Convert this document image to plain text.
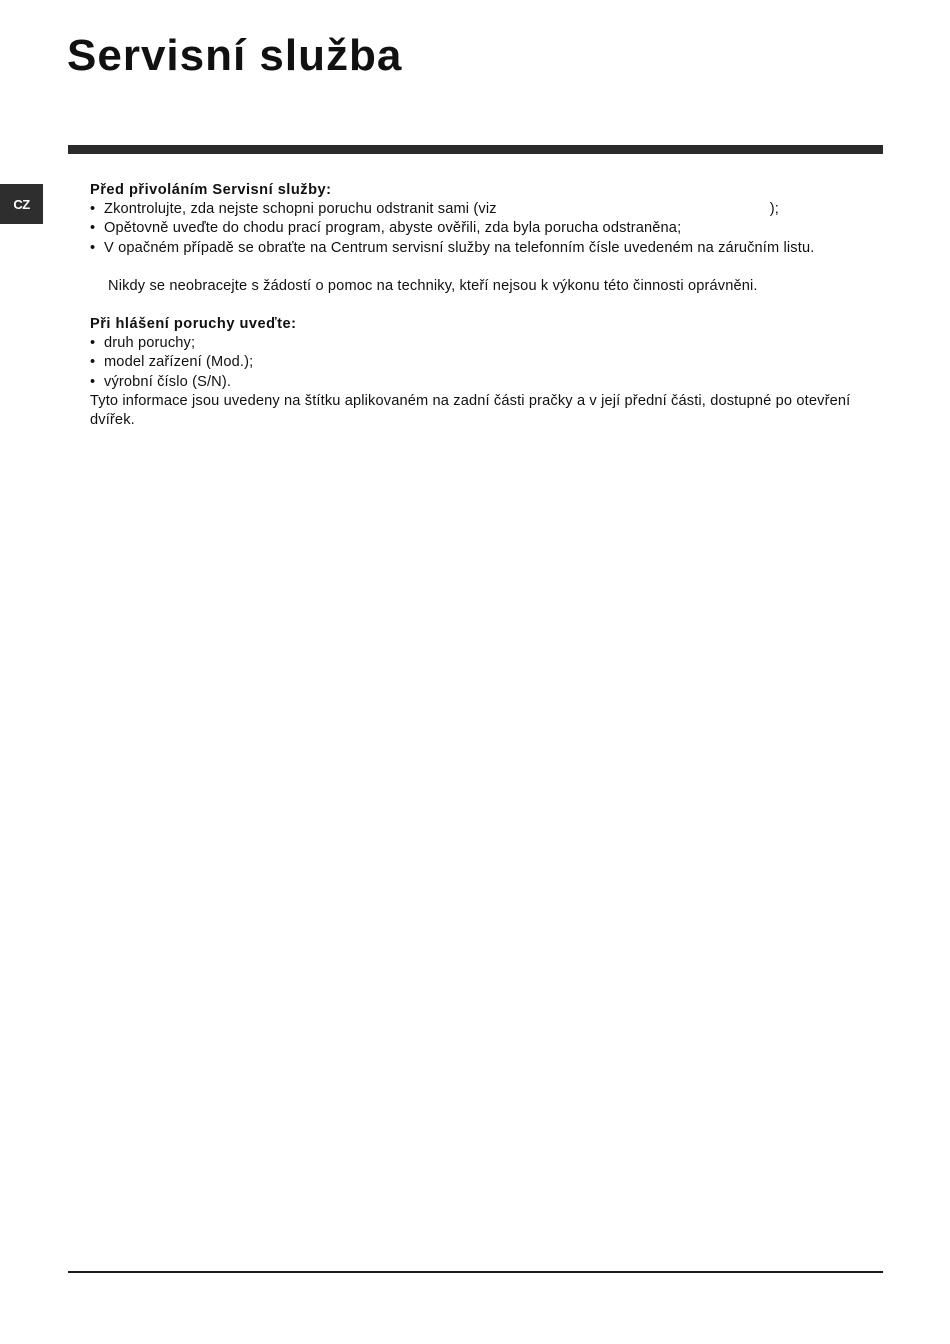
Servisní služba
CZ

Před přivoláním Servisní služby:

• Zkontrolujte, zda nejste schopni poruchu odstranit sami (viz	);
• Opětovně uveďte do chodu prací program, abyste ověřili, zda byla porucha odstraněna;
• V opačném případě se obraťte na Centrum servisní služby na telefonním čísle uvedeném na záručním listu.

Nikdy se neobracejte s žádostí o pomoc na techniky, kteří nejsou k výkonu této činnosti oprávněni.

Při hlášení poruchy uveďte:

• druh poruchy;
• model zařízení (Mod.);
• výrobní číslo (S/N).

Tyto informace jsou uvedeny na štítku aplikovaném na zadní části pračky a v její přední části, dostupné po otevření dvířek.
